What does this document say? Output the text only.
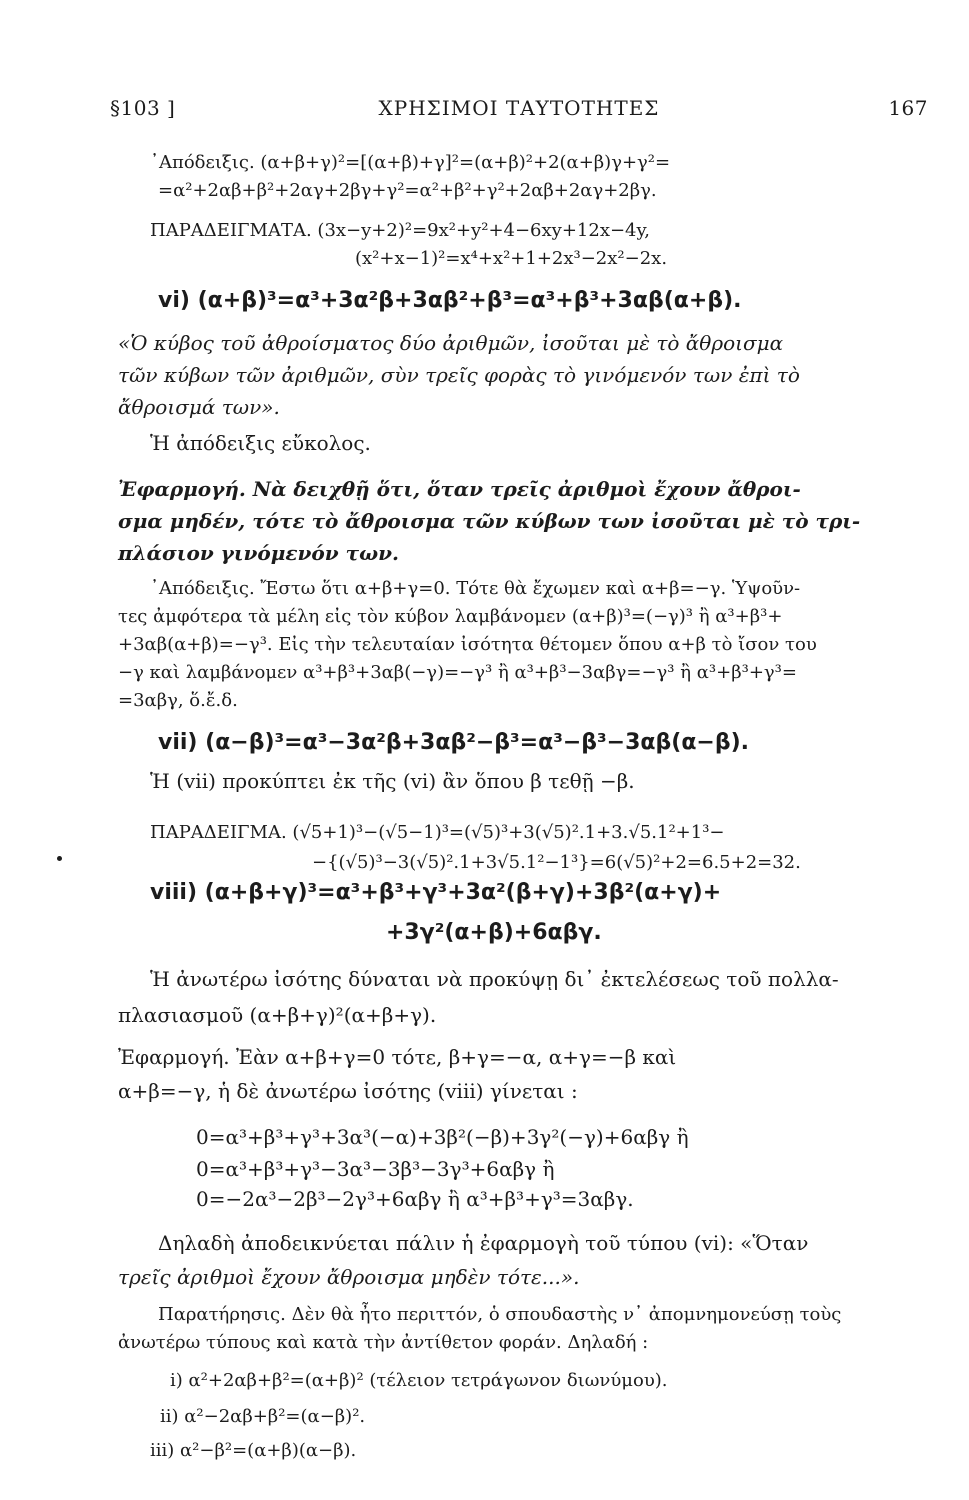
§103 ]	ΧΡΗΣΙΜΟΙ ΤΑΥΤΟΤΗΤΕΣ	167
᾿Απόδειξις. (α+β+γ)²=[(α+β)+γ]²=(α+β)²+2(α+β)γ+γ²=
=α²+2αβ+β²+2αγ+2βγ+γ²=α²+β²+γ²+2αβ+2αγ+2βγ.
ΠΑΡΑΔΕΙΓΜΑΤΑ. (3x−y+2)²=9x²+y²+4−6xy+12x−4y,
(x²+x−1)²=x⁴+x²+1+2x³−2x²−2x.
vi) (α+β)³=α³+3α²β+3αβ²+β³=α³+β³+3αβ(α+β).
«Ὁ κύβος τοῦ ἀθροίσματος δύο ἀριθμῶν, ἰσοῦται μὲ τὸ ἄθροισμα
τῶν κύβων τῶν ἀριθμῶν, σὺν τρεῖς φορὰς τὸ γινόμενόν των ἐπὶ τὸ
ἄθροισμά των».
Ἡ ἀπόδειξις εὔκολος.
Ἐφαρμογή. Νὰ δειχθῇ ὅτι, ὅταν τρεῖς ἀριθμοὶ ἔχουν ἄθροι-
σμα μηδέν, τότε τὸ ἄθροισμα τῶν κύβων των ἰσοῦται μὲ τὸ τρι-
πλάσιον γινόμενόν των.
᾿Απόδειξις. Ἔστω ὅτι α+β+γ=0. Τότε θὰ ἔχωμεν καὶ α+β=−γ. Ὑψοῦν-
τες ἀμφότερα τὰ μέλη εἰς τὸν κύβον λαμβάνομεν (α+β)³=(−γ)³ ἢ α³+β³+
+3αβ(α+β)=−γ³. Εἰς τὴν τελευταίαν ἰσότητα θέτομεν ὅπου α+β τὸ ἴσον του
−γ καὶ λαμβάνομεν α³+β³+3αβ(−γ)=−γ³ ἢ α³+β³−3αβγ=−γ³ ἢ α³+β³+γ³=
=3αβγ, ὅ.ἔ.δ.
vii) (α−β)³=α³−3α²β+3αβ²−β³=α³−β³−3αβ(α−β).
Ἡ (vii) προκύπτει ἐκ τῆς (vi) ἂν ὅπου β τεθῇ −β.
ΠΑΡΑΔΕΙΓΜΑ. (√5+1)³−(√5−1)³=(√5)³+3(√5)².1+3.√5.1²+1³−
−{(√5)³−3(√5)².1+3√5.1²−1³}=6(√5)²+2=6.5+2=32.
viii) (α+β+γ)³=α³+β³+γ³+3α²(β+γ)+3β²(α+γ)+
+3γ²(α+β)+6αβγ.
Ἡ ἀνωτέρω ἰσότης δύναται νὰ προκύψῃ δι᾿ ἐκτελέσεως τοῦ πολλα-
πλασιασμοῦ (α+β+γ)²(α+β+γ).
Ἐφαρμογή. Ἐὰν α+β+γ=0 τότε, β+γ=−α, α+γ=−β καὶ
α+β=−γ, ἡ δὲ ἀνωτέρω ἰσότης (viii) γίνεται :
0=α³+β³+γ³+3α³(−α)+3β²(−β)+3γ²(−γ)+6αβγ ἢ
0=α³+β³+γ³−3α³−3β³−3γ³+6αβγ ἢ
0=−2α³−2β³−2γ³+6αβγ ἢ α³+β³+γ³=3αβγ.
Δηλαδὴ ἀποδεικνύεται πάλιν ἡ ἐφαρμογὴ τοῦ τύπου (vi): «Ὅταν
τρεῖς ἀριθμοὶ ἔχουν ἄθροισμα μηδὲν τότε...».
Παρατήρησις. Δὲν θὰ ἦτο περιττόν, ὁ σπουδαστὴς ν᾿ ἀπομνημονεύσῃ τοὺς
ἀνωτέρω τύπους καὶ κατὰ τὴν ἀντίθετον φοράν. Δηλαδή :
i) α²+2αβ+β²=(α+β)² (τέλειον τετράγωνον διωνύμου).
ii) α²−2αβ+β²=(α−β)².
iii) α²−β²=(α+β)(α−β).
